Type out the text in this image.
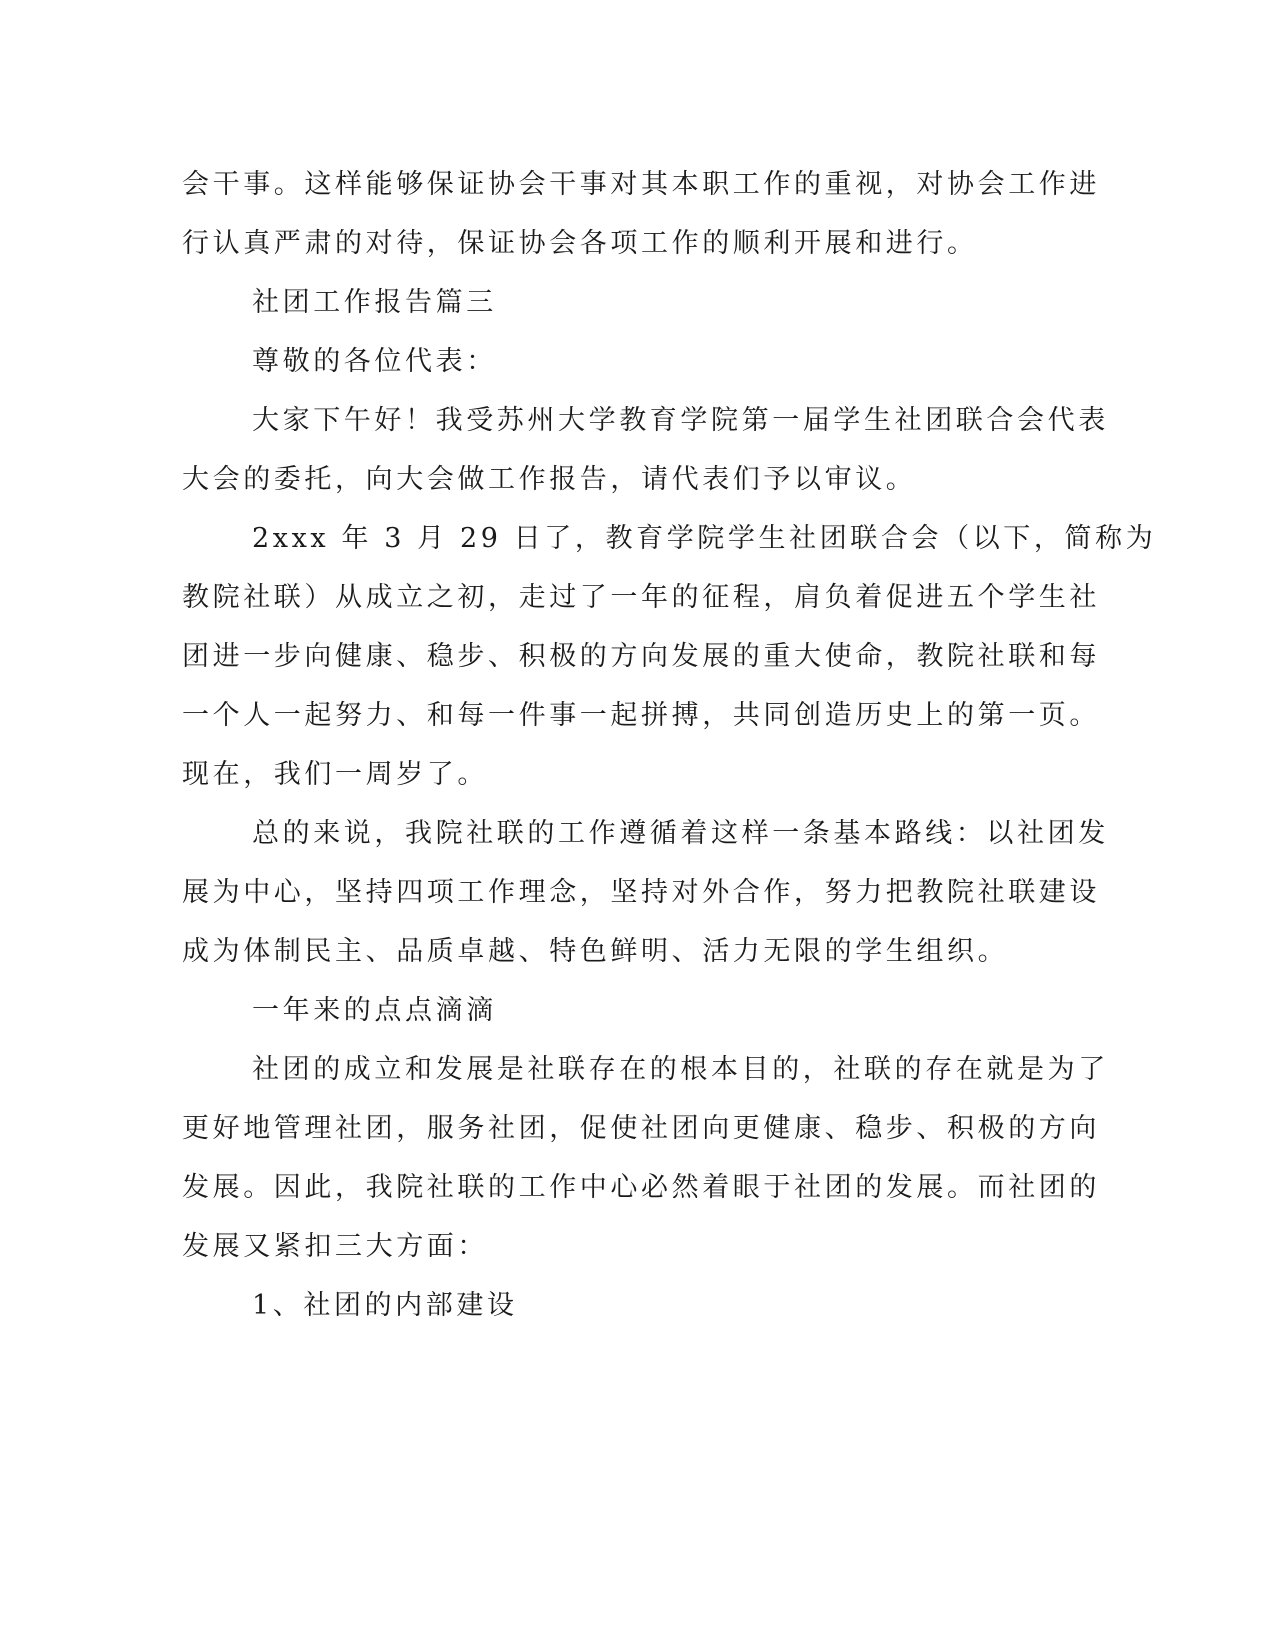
会干事。这样能够保证协会干事对其本职工作的重视，对协会工作进
行认真严肃的对待，保证协会各项工作的顺利开展和进行。
社团工作报告篇三
尊敬的各位代表：
大家下午好！我受苏州大学教育学院第一届学生社团联合会代表
大会的委托，向大会做工作报告，请代表们予以审议。
2xxx 年 3 月 29 日了，教育学院学生社团联合会（以下，简称为
教院社联）从成立之初，走过了一年的征程，肩负着促进五个学生社
团进一步向健康、稳步、积极的方向发展的重大使命，教院社联和每
一个人一起努力、和每一件事一起拼搏，共同创造历史上的第一页。
现在，我们一周岁了。
总的来说，我院社联的工作遵循着这样一条基本路线：以社团发
展为中心，坚持四项工作理念，坚持对外合作，努力把教院社联建设
成为体制民主、品质卓越、特色鲜明、活力无限的学生组织。
一年来的点点滴滴
社团的成立和发展是社联存在的根本目的，社联的存在就是为了
更好地管理社团，服务社团，促使社团向更健康、稳步、积极的方向
发展。因此，我院社联的工作中心必然着眼于社团的发展。而社团的
发展又紧扣三大方面：
1、社团的内部建设
